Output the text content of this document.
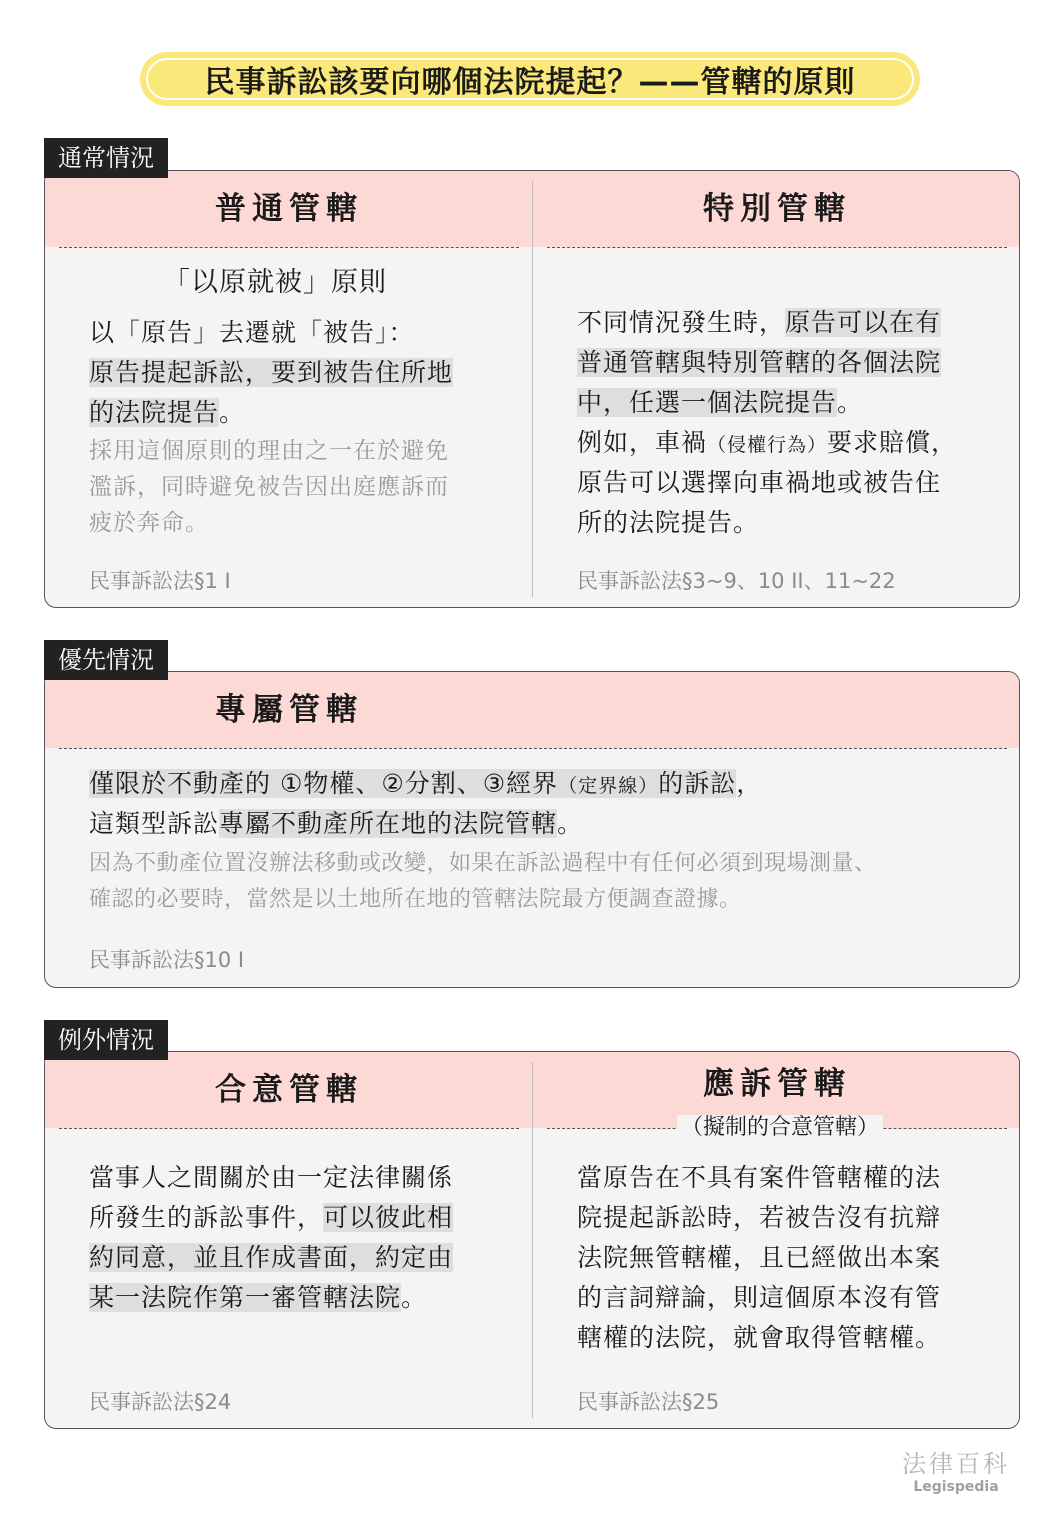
民事訴訟該要向哪個法院提起？——管轄的原則
通常情況
普通管轄	特別管轄
「以原就被」原則
以「原告」去遷就「被告」：
原告提起訴訟，要到被告住所地
的法院提告。
採用這個原則的理由之一在於避免
濫訴，同時避免被告因出庭應訴而
疲於奔命。
民事訴訟法§1 I
不同情況發生時，原告可以在有
普通管轄與特別管轄的各個法院
中，任選一個法院提告。
例如，車禍（侵權行為）要求賠償，
原告可以選擇向車禍地或被告住
所的法院提告。
民事訴訟法§3~9、10 II、11~22
優先情況
專屬管轄
僅限於不動產的 ①物權、②分割、③經界（定界線）的訴訟，
這類型訴訟專屬不動產所在地的法院管轄。
因為不動產位置沒辦法移動或改變，如果在訴訟過程中有任何必須到現場測量、
確認的必要時，當然是以土地所在地的管轄法院最方便調查證據。
民事訴訟法§10 I
例外情況
合意管轄	應訴管轄
（擬制的合意管轄）
當事人之間關於由一定法律關係
所發生的訴訟事件，可以彼此相
約同意，並且作成書面，約定由
某一法院作第一審管轄法院。
民事訴訟法§24
當原告在不具有案件管轄權的法
院提起訴訟時，若被告沒有抗辯
法院無管轄權，且已經做出本案
的言詞辯論，則這個原本沒有管
轄權的法院，就會取得管轄權。
民事訴訟法§25
法律百科
Legispedia
